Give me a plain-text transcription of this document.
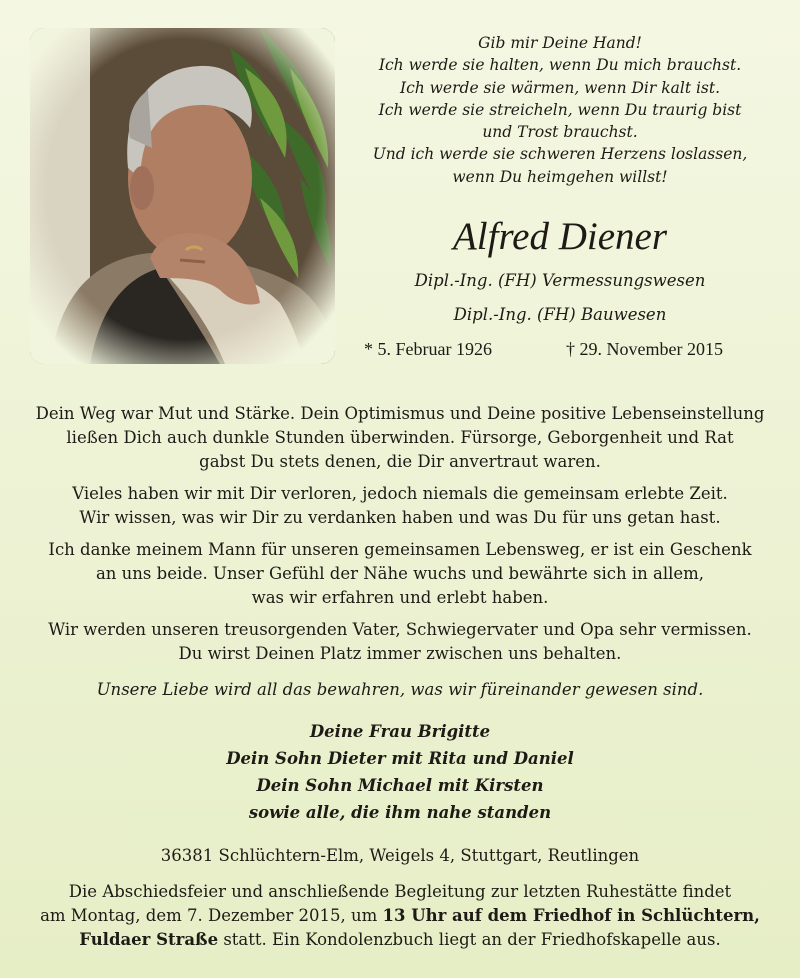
Gib mir Deine Hand!
Ich werde sie halten, wenn Du mich brauchst.
Ich werde sie wärmen, wenn Dir kalt ist.
Ich werde sie streicheln, wenn Du traurig bist
und Trost brauchst.
Und ich werde sie schweren Herzens loslassen,
wenn Du heimgehen willst!
Alfred Diener
Dipl.-Ing. (FH) Vermessungswesen
Dipl.-Ing. (FH) Bauwesen
* 5. Februar 1926	† 29. November 2015
Dein Weg war Mut und Stärke. Dein Optimismus und Deine positive Lebenseinstellung
ließen Dich auch dunkle Stunden überwinden. Fürsorge, Geborgenheit und Rat
gabst Du stets denen, die Dir anvertraut waren.
Vieles haben wir mit Dir verloren, jedoch niemals die gemeinsam erlebte Zeit.
Wir wissen, was wir Dir zu verdanken haben und was Du für uns getan hast.
Ich danke meinem Mann für unseren gemeinsamen Lebensweg, er ist ein Geschenk
an uns beide. Unser Gefühl der Nähe wuchs und bewährte sich in allem,
was wir erfahren und erlebt haben.
Wir werden unseren treusorgenden Vater, Schwiegervater und Opa sehr vermissen.
Du wirst Deinen Platz immer zwischen uns behalten.
Unsere Liebe wird all das bewahren, was wir füreinander gewesen sind.
Deine Frau Brigitte
Dein Sohn Dieter mit Rita und Daniel
Dein Sohn Michael mit Kirsten
sowie alle, die ihm nahe standen
36381 Schlüchtern-Elm, Weigels 4, Stuttgart, Reutlingen
Die Abschiedsfeier und anschließende Begleitung zur letzten Ruhestätte findet
am Montag, dem 7. Dezember 2015, um 13 Uhr auf dem Friedhof in Schlüchtern,
Fuldaer Straße statt. Ein Kondolenzbuch liegt an der Friedhofskapelle aus.
